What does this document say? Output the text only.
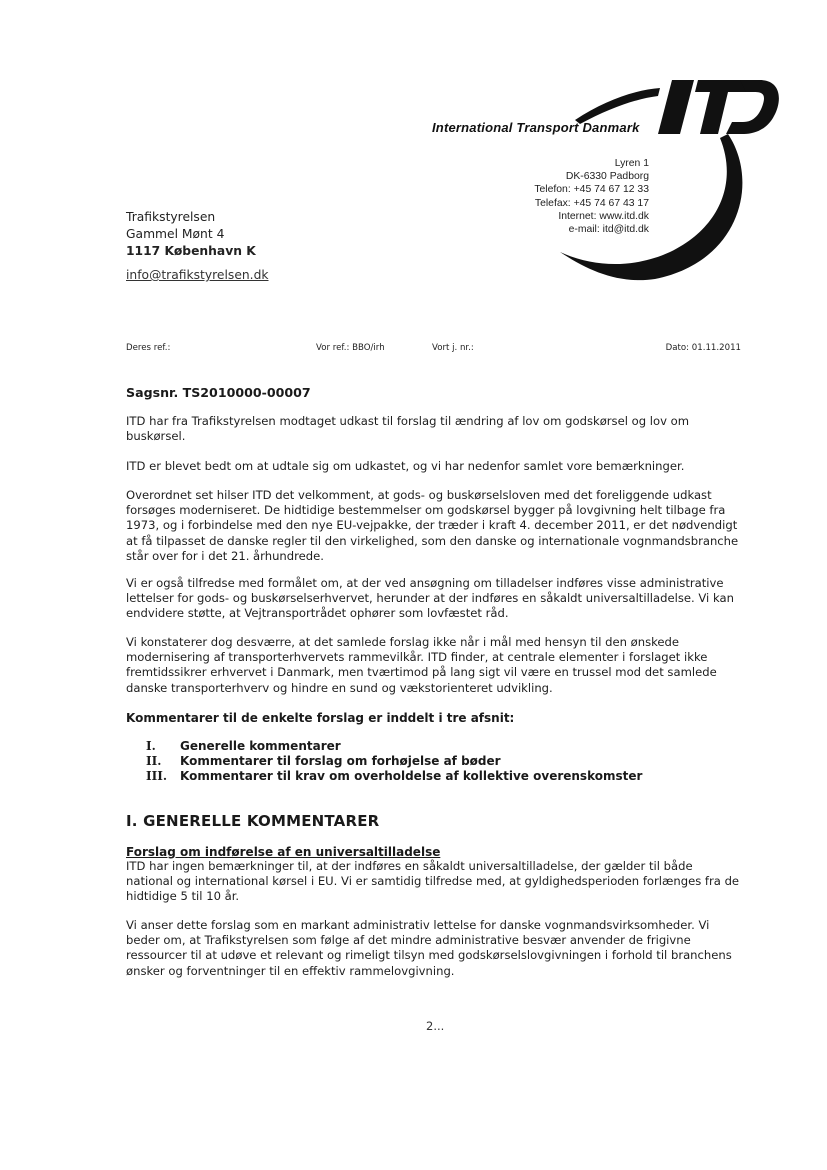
International Transport Danmark
Lyren 1
DK-6330 Padborg
Telefon: +45 74 67 12 33
Telefax: +45 74 67 43 17
Internet: www.itd.dk
e-mail: itd@itd.dk
Trafikstyrelsen
Gammel Mønt 4
1117 København K
info@trafikstyrelsen.dk
Deres ref.:	Vor ref.: BBO/irh	Vort j. nr.:	Dato: 01.11.2011
Sagsnr. TS2010000-00007

ITD har fra Trafikstyrelsen modtaget udkast til forslag til ændring af lov om godskørsel og lov om buskørsel.

ITD er blevet bedt om at udtale sig om udkastet, og vi har nedenfor samlet vore bemærkninger.

Overordnet set hilser ITD det velkomment, at gods- og buskørselsloven med det foreliggende udkast forsøges moderniseret. De hidtidige bestemmelser om godskørsel bygger på lovgivning helt tilbage fra 1973, og i forbindelse med den nye EU-vejpakke, der træder i kraft 4. december 2011, er det nødvendigt at få tilpasset de danske regler til den virkelighed, som den danske og internationale vognmandsbranche står over for i det 21. århundrede.

Vi er også tilfredse med formålet om, at der ved ansøgning om tilladelser indføres visse administrative lettelser for gods- og buskørselserhvervet, herunder at der indføres en såkaldt universaltilladelse. Vi kan endvidere støtte, at Vejtransportrådet ophører som lovfæstet råd.

Vi konstaterer dog desværre, at det samlede forslag ikke når i mål med hensyn til den ønskede modernisering af transporterhvervets rammevilkår. ITD finder, at centrale elementer i forslaget ikke fremtidssikrer erhvervet i Danmark, men tværtimod på lang sigt vil være en trussel mod det samlede danske transporterhverv og hindre en sund og vækstorienteret udvikling.

Kommentarer til de enkelte forslag er inddelt i tre afsnit:
I. Generelle kommentarer
II. Kommentarer til forslag om forhøjelse af bøder
III. Kommentarer til krav om overholdelse af kollektive overenskomster
I. GENERELLE KOMMENTARER
Forslag om indførelse af en universaltilladelse

ITD har ingen bemærkninger til, at der indføres en såkaldt universaltilladelse, der gælder til både national og international kørsel i EU. Vi er samtidig tilfredse med, at gyldighedsperioden forlænges fra de hidtidige 5 til 10 år.

Vi anser dette forslag som en markant administrativ lettelse for danske vognmandsvirksomheder. Vi beder om, at Trafikstyrelsen som følge af det mindre administrative besvær anvender de frigivne ressourcer til at udøve et relevant og rimeligt tilsyn med godskørselslovgivningen i forhold til branchens ønsker og forventninger til en effektiv rammelovgivning.

2...
